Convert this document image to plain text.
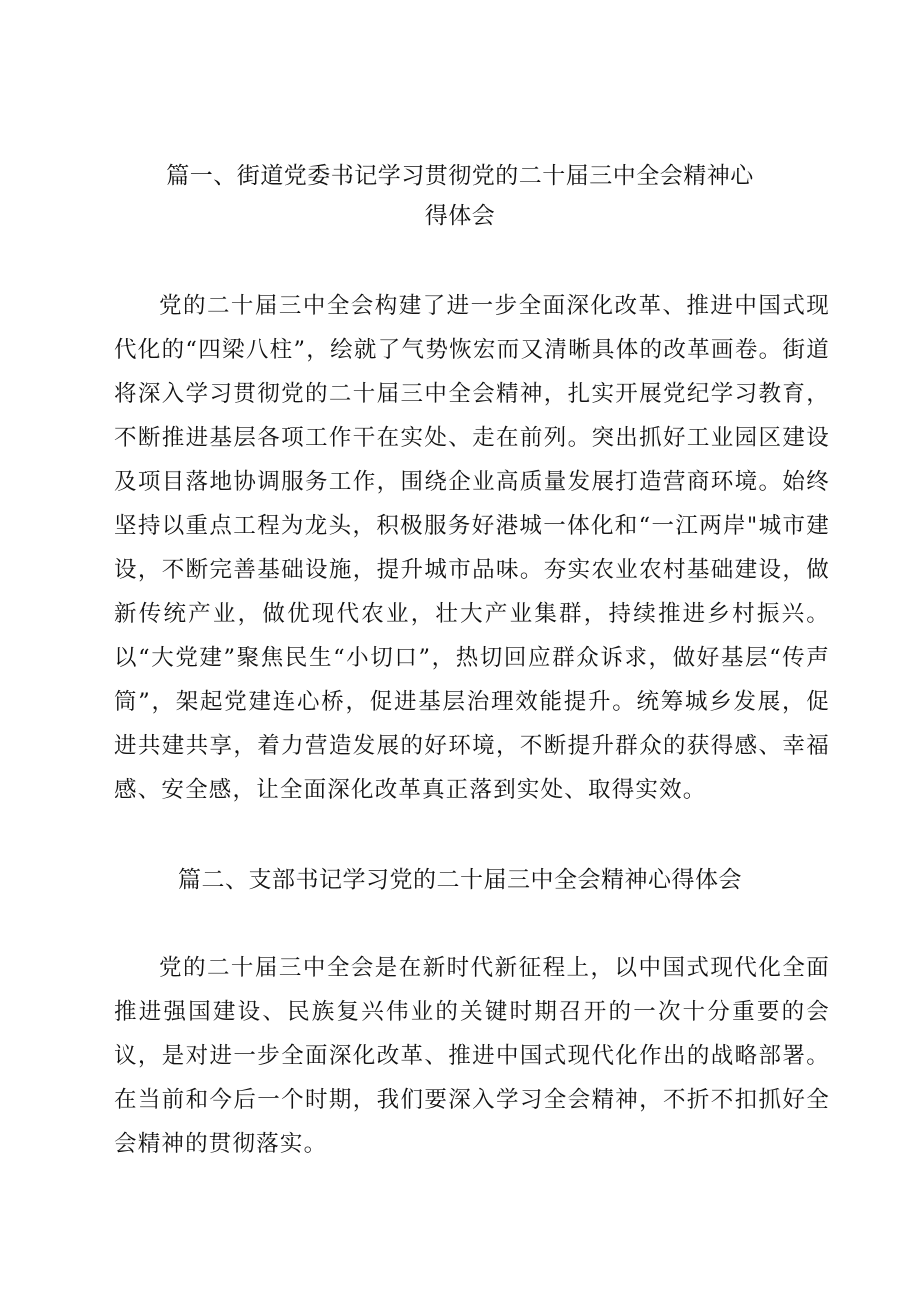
篇一、街道党委书记学习贯彻党的二十届三中全会精神心
得体会

党的二十届三中全会构建了进一步全面深化改革、推进中国式现代化的“四梁八柱”，绘就了气势恢宏而又清晰具体的改革画卷。街道将深入学习贯彻党的二十届三中全会精神，扎实开展党纪学习教育，不断推进基层各项工作干在实处、走在前列。突出抓好工业园区建设及项目落地协调服务工作，围绕企业高质量发展打造营商环境。始终坚持以重点工程为龙头，积极服务好港城一体化和“一江两岸"城市建设，不断完善基础设施，提升城市品味。夯实农业农村基础建设，做新传统产业，做优现代农业，壮大产业集群，持续推进乡村振兴。以“大党建”聚焦民生“小切口”，热切回应群众诉求，做好基层“传声筒”，架起党建连心桥，促进基层治理效能提升。统筹城乡发展，促进共建共享，着力营造发展的好环境，不断提升群众的获得感、幸福感、安全感，让全面深化改革真正落到实处、取得实效。

篇二、支部书记学习党的二十届三中全会精神心得体会

党的二十届三中全会是在新时代新征程上，以中国式现代化全面推进强国建设、民族复兴伟业的关键时期召开的一次十分重要的会议，是对进一步全面深化改革、推进中国式现代化作出的战略部署。在当前和今后一个时期，我们要深入学习全会精神，不折不扣抓好全会精神的贯彻落实。
